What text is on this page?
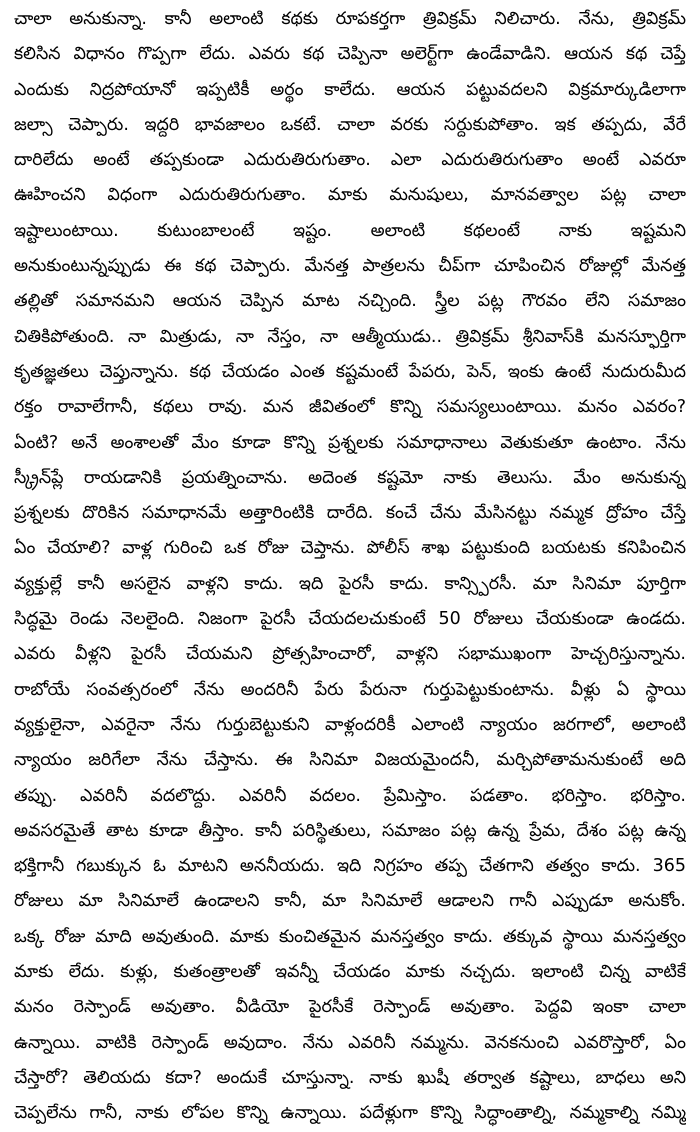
చాలా అనుకున్నా. కానీ అలాంటి కథకు రూపకర్తగా త్రివిక్రమ్ నిలిచారు. నేను, త్రివిక్రమ్
కలిసిన విధానం గొప్పగా లేదు. ఎవరు కథ చెప్పినా అలెర్ట్‌గా ఉండేవాడిని. ఆయన కథ చెప్తే
ఎందుకు నిద్రపోయానో ఇప్పటికీ అర్థం కాలేదు. ఆయన పట్టువదలని విక్రమార్కుడిలాగా
జల్సా చెప్పారు. ఇద్దరి భావజాలం ఒకటే. చాలా వరకు సర్దుకుపోతాం. ఇక తప్పదు, వేరే
దారిలేదు అంటే తప్పకుండా ఎదురుతిరుగుతాం. ఎలా ఎదురుతిరుగుతాం అంటే ఎవరూ
ఊహించని విధంగా ఎదురుతిరుగుతాం. మాకు మనుషులు, మానవత్వాల పట్ల చాలా
ఇష్టాలుంటాయి. కుటుంబాలంటే ఇష్టం. అలాంటి కథలంటే నాకు ఇష్టమని
అనుకుంటున్నప్పుడు ఈ కథ చెప్పారు. మేనత్త పాత్రలను చీప్‌గా చూపించిన రోజుల్లో మేనత్త
తల్లితో సమానమని ఆయన చెప్పిన మాట నచ్చింది. స్త్రీల పట్ల గౌరవం లేని సమాజం
చితికిపోతుంది. నా మిత్రుడు, నా నేస్తం, నా ఆత్మీయుడు.. త్రివిక్రమ్ శ్రీనివాస్‌కి మనస్ఫూర్తిగా
కృతజ్ఞతలు చెప్తున్నాను. కథ చేయడం ఎంత కష్టమంటే పేపరు, పెన్, ఇంకు ఉంటే నుదురుమీద
రక్తం రావాలేగానీ, కథలు రావు. మన జీవితంలో కొన్ని సమస్యలుంటాయి. మనం ఎవరం?
ఏంటి? అనే అంశాలతో మేం కూడా కొన్ని ప్రశ్నలకు సమాధానాలు వెతుకుతూ ఉంటాం. నేను
స్క్రీన్‌ప్లే రాయడానికి ప్రయత్నించాను. అదెంత కష్టమో నాకు తెలుసు. మేం అనుకున్న
ప్రశ్నలకు దొరికిన సమాధానమే అత్తారింటికి దారేది. కంచే చేను మేసినట్టు నమ్మక ద్రోహం చేస్తే
ఏం చేయాలి? వాళ్ల గురించి ఒక రోజు చెప్తాను. పోలీస్ శాఖ పట్టుకుంది బయటకు కనిపించిన
వ్యక్తుల్లే కానీ అసలైన వాళ్లని కాదు. ఇది పైరసీ కాదు. కాన్స్పిరసీ. మా సినిమా పూర్తిగా
సిద్ధమై రెండు నెలలైంది. నిజంగా పైరసీ చేయదలచుకుంటే 50 రోజులు చేయకుండా ఉండదు.
ఎవరు వీళ్లని పైరసీ చేయమని ప్రోత్సహించారో, వాళ్లని సభాముఖంగా హెచ్చరిస్తున్నాను.
రాబోయే సంవత్సరంలో నేను అందరినీ పేరు పేరునా గుర్తుపెట్టుకుంటాను. వీళ్లు ఏ స్థాయి
వ్యక్తులైనా, ఎవరైనా నేను గుర్తుబెట్టుకుని వాళ్లందరికీ ఎలాంటి న్యాయం జరగాలో, అలాంటి
న్యాయం జరిగేలా నేను చేస్తాను. ఈ సినిమా విజయమైందనీ, మర్చిపోతామనుకుంటే అది
తప్పు. ఎవరినీ వదలొద్దు. ఎవరినీ వదలం. ప్రేమిస్తాం. పడతాం. భరిస్తాం. భరిస్తాం.
అవసరమైతే తాట కూడా తీస్తాం. కానీ పరిస్థితులు, సమాజం పట్ల ఉన్న ప్రేమ, దేశం పట్ల ఉన్న
భక్తిగానీ గబుక్కున ఓ మాటని అననీయదు. ఇది నిగ్రహం తప్ప చేతగాని తత్వం కాదు. 365
రోజులు మా సినిమాలే ఉండాలని కానీ, మా సినిమాలే ఆడాలని గానీ ఎప్పుడూ అనుకోం.
ఒక్క రోజు మాది అవుతుంది. మాకు కుంచితమైన మనస్తత్వం కాదు. తక్కువ స్థాయి మనస్తత్వం
మాకు లేదు. కుళ్లు, కుతంత్రాలతో ఇవన్నీ చేయడం మాకు నచ్చదు. ఇలాంటి చిన్న వాటికే
మనం రెస్పాండ్ అవుతాం. వీడియో పైరసీకే రెస్పాండ్ అవుతాం. పెద్దవి ఇంకా చాలా
ఉన్నాయి. వాటికి రెస్పాండ్ అవుదాం. నేను ఎవరినీ నమ్మను. వెనకనుంచి ఎవరొస్తారో, ఏం
చేస్తారో? తెలియదు కదా? అందుకే చూస్తున్నా. నాకు ఖుషీ తర్వాత కష్టాలు, బాధలు అని
చెప్పలేను గానీ, నాకు లోపల కొన్ని ఉన్నాయి. పదేళ్లుగా కొన్ని సిద్ధాంతాల్ని, నమ్మకాల్ని నమ్మి
